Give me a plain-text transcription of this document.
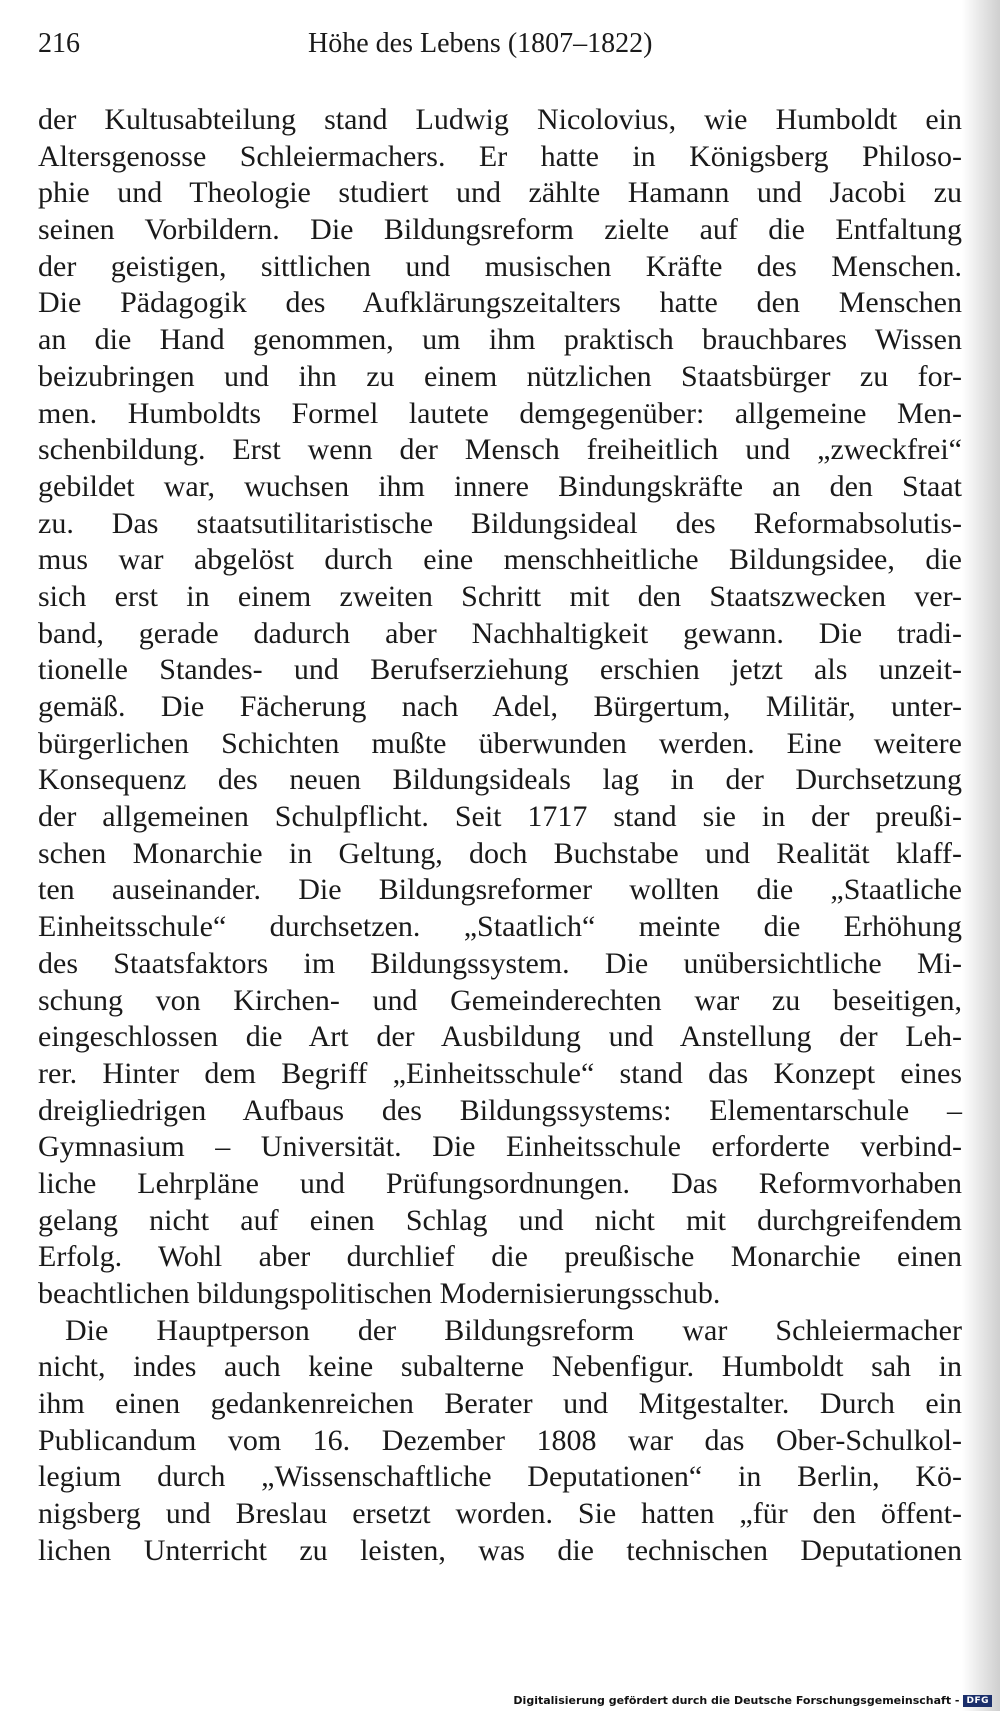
216	Höhe des Lebens (1807–1822)
der Kultusabteilung stand Ludwig Nicolovius, wie Humboldt ein
Altersgenosse Schleiermachers. Er hatte in Königsberg Philoso-
phie und Theologie studiert und zählte Hamann und Jacobi zu
seinen Vorbildern. Die Bildungsreform zielte auf die Entfaltung
der geistigen, sittlichen und musischen Kräfte des Menschen.
Die Pädagogik des Aufklärungszeitalters hatte den Menschen
an die Hand genommen, um ihm praktisch brauchbares Wissen
beizubringen und ihn zu einem nützlichen Staatsbürger zu for-
men. Humboldts Formel lautete demgegenüber: allgemeine Men-
schenbildung. Erst wenn der Mensch freiheitlich und „zweckfrei“
gebildet war, wuchsen ihm innere Bindungskräfte an den Staat
zu. Das staatsutilitaristische Bildungsideal des Reformabsolutis-
mus war abgelöst durch eine menschheitliche Bildungsidee, die
sich erst in einem zweiten Schritt mit den Staatszwecken ver-
band, gerade dadurch aber Nachhaltigkeit gewann. Die tradi-
tionelle Standes- und Berufserziehung erschien jetzt als unzeit-
gemäß. Die Fächerung nach Adel, Bürgertum, Militär, unter-
bürgerlichen Schichten mußte überwunden werden. Eine weitere
Konsequenz des neuen Bildungsideals lag in der Durchsetzung
der allgemeinen Schulpflicht. Seit 1717 stand sie in der preußi-
schen Monarchie in Geltung, doch Buchstabe und Realität klaff-
ten auseinander. Die Bildungsreformer wollten die „Staatliche
Einheitsschule“ durchsetzen. „Staatlich“ meinte die Erhöhung
des Staatsfaktors im Bildungssystem. Die unübersichtliche Mi-
schung von Kirchen- und Gemeinderechten war zu beseitigen,
eingeschlossen die Art der Ausbildung und Anstellung der Leh-
rer. Hinter dem Begriff „Einheitsschule“ stand das Konzept eines
dreigliedrigen Aufbaus des Bildungssystems: Elementarschule –
Gymnasium – Universität. Die Einheitsschule erforderte verbind-
liche Lehrpläne und Prüfungsordnungen. Das Reformvorhaben
gelang nicht auf einen Schlag und nicht mit durchgreifendem
Erfolg. Wohl aber durchlief die preußische Monarchie einen
beachtlichen bildungspolitischen Modernisierungsschub.
Die Hauptperson der Bildungsreform war Schleiermacher
nicht, indes auch keine subalterne Nebenfigur. Humboldt sah in
ihm einen gedankenreichen Berater und Mitgestalter. Durch ein
Publicandum vom 16. Dezember 1808 war das Ober-Schulkol-
legium durch „Wissenschaftliche Deputationen“ in Berlin, Kö-
nigsberg und Breslau ersetzt worden. Sie hatten „für den öffent-
lichen Unterricht zu leisten, was die technischen Deputationen
Digitalisierung gefördert durch die Deutsche Forschungsgemeinschaft - DFG
